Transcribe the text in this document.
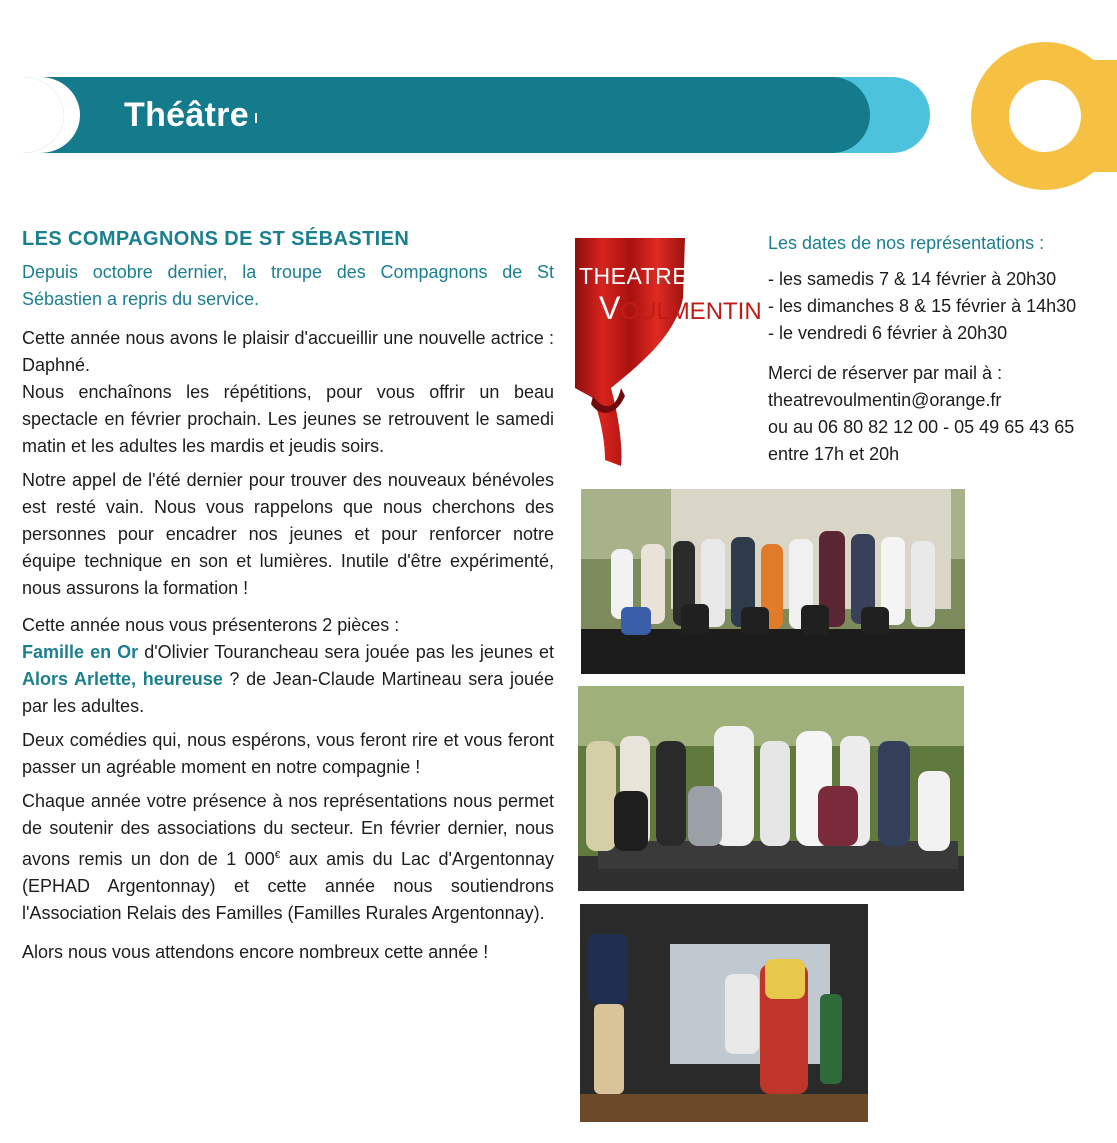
Théâtre
LES COMPAGNONS DE ST SÉBASTIEN

Depuis octobre dernier, la troupe des Compagnons de St Sébastien a repris du service.

Cette année nous avons le plaisir d'accueillir une nouvelle actrice : Daphné.

Nous enchaînons les répétitions, pour vous offrir un beau spectacle en février prochain. Les jeunes se retrouvent le samedi matin et les adultes les mardis et jeudis soirs.

Notre appel de l'été dernier pour trouver des nouveaux bénévoles est resté vain. Nous vous rappelons que nous cherchons des personnes pour encadrer nos jeunes et pour renforcer notre équipe technique en son et lumières. Inutile d'être expérimenté, nous assurons la formation !

Cette année nous vous présenterons 2 pièces :
Famille en Or d'Olivier Tourancheau sera jouée pas les jeunes et Alors Arlette, heureuse ? de Jean-Claude Martineau sera jouée par les adultes.

Deux comédies qui, nous espérons, vous feront rire et vous feront passer un agréable moment en notre compagnie !

Chaque année votre présence à nos représentations nous permet de soutenir des associations du secteur. En février dernier, nous avons remis un don de 1 000€ aux amis du Lac d'Argentonnay (EPHAD Argentonnay) et cette année nous soutiendrons l'Association Relais des Familles (Familles Rurales Argentonnay).

Alors nous vous attendons encore nombreux cette année !

THEATRE
VOULMENTIN

Les dates de nos représentations :

- les samedis 7 & 14 février à 20h30

- les dimanches 8 & 15 février à 14h30

- le vendredi 6 février à 20h30

Merci de réserver par mail à :
theatrevoulmentin@orange.fr
ou au 06 80 82 12 00 - 05 49 65 43 65
entre 17h et 20h
